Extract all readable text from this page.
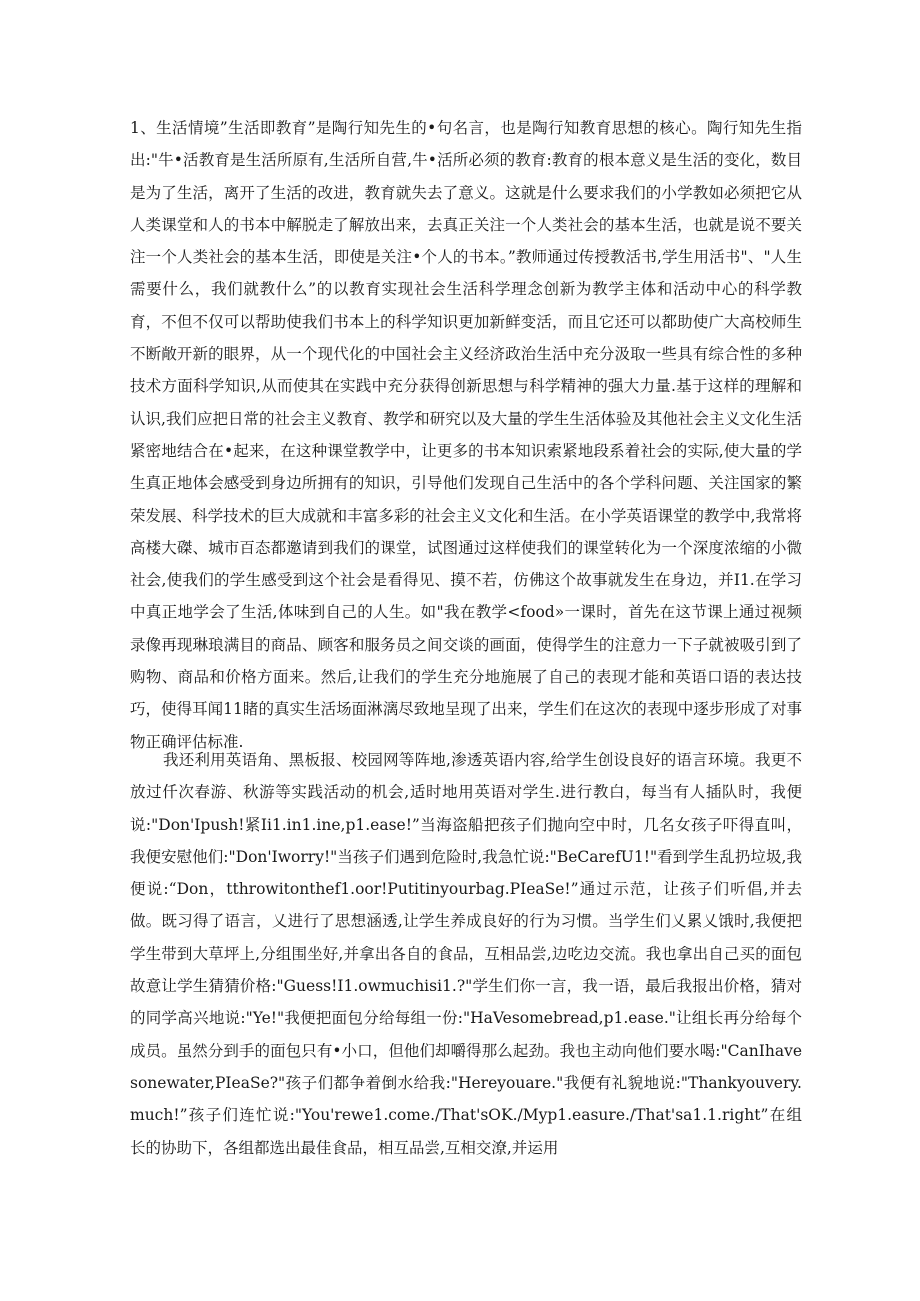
1、生活情境”生活即教育”是陶行知先生的•句名言，也是陶行知教育思想的核心。陶行知先生指出:"牛•活教育是生活所原有,生活所自营,牛•活所必须的教育:教育的根本意义是生活的变化，数目是为了生活，离开了生活的改进，教育就失去了意义。这就是什么要求我们的小学教如必须把它从人类课堂和人的书本中解脱走了解放出来，去真正关注一个人类社会的基本生活，也就是说不要关注一个人类社会的基本生活，即使是关注•个人的书本。”教师通过传授教活书,学生用活书"、"人生需要什么，我们就教什么”的以教育实现社会生活科学理念创新为教学主体和活动中心的科学教育，不但不仅可以帮助使我们书本上的科学知识更加新鲜变活，而且它还可以都助使广大高校师生不断敞开新的眼界，从一个现代化的中国社会主义经济政治生活中充分汲取一些具有综合性的多种技术方面科学知识,从而使其在实践中充分获得创新思想与科学精神的强大力量.基于这样的理解和认识,我们应把日常的社会主义教育、教学和研究以及大量的学生生活体验及其他社会主义文化生活紧密地结合在•起来，在这种课堂教学中，让更多的书本知识索紧地段系着社会的实际,使大量的学生真正地体会感受到身边所拥有的知识，引导他们发现自己生活中的各个学科问题、关注国家的繁荣发展、科学技术的巨大成就和丰富多彩的社会主义文化和生活。在小学英语课堂的教学中,我常将高楼大磔、城市百态都邀请到我们的课堂，试图通过这样使我们的课堂转化为一个深度浓缩的小微社会,使我们的学生感受到这个社会是看得见、摸不若，仿佛这个故事就发生在身边，并I1.在学习中真正地学会了生活,体味到自己的人生。如"我在教学<food»一课时，首先在这节课上通过视频录像再现琳琅满目的商品、顾客和服务员之间交谈的画面，使得学生的注意力一下子就被吸引到了购物、商品和价格方面来。然后,让我们的学生充分地施展了自己的表现才能和英语口语的表达技巧，使得耳闻11睹的真实生活场面淋漓尽致地呈现了出来，学生们在这次的表现中逐步形成了对事物正确评估标准.

我还利用英语角、黑板报、校园网等阵地,渗透英语内容,给学生创设良好的语言环境。我更不放过仟次春游、秋游等实践活动的机会,适时地用英语对学生.进行教白，每当有人插队时，我便说:"Don'Ipush!紧Ii1.in1.ine,p1.ease!”当海盗船把孩子们抛向空中时，几名女孩子吓得直叫，我便安慰他们:"Don'Iworry!"当孩子们遇到危险时,我急忙说:"BeCarefU1!"看到学生乱扔垃圾,我便说:“Don，tthrowitonthef1.oor!Putitinyourbag.PIeaSe!”通过示范，让孩子们听倡,并去做。既习得了语言，乂进行了思想涵透,让学生养成良好的行为习惯。当学生们乂累乂饿时,我便把学生带到大草坪上,分组围坐好,并拿出各自的食品，互相品尝,边吃边交流。我也拿出自己买的面包故意让学生猜猜价格:"Guess!I1.owmuchisi1.?"学生们你一言，我一语，最后我报出价格，猜对的同学高兴地说:"Ye!"我便把面包分给每组一份:"HaVesomebread,p1.ease."让组长再分给每个成员。虽然分到手的面包只有•小口，但他们却嚼得那么起劲。我也主动向他们要水喝:"CanIhavesonewater,PIeaSe?"孩子们都争着倒水给我:"Hereyouare."我便有礼貌地说:"Thankyouvery.much!”孩子们连忙说:"You'rewe1.come./That'sOK./Myp1.easure./That'sa1.1.right”在组长的协助下，各组都选出最佳食品，相互品尝,互相交潦,并运用
